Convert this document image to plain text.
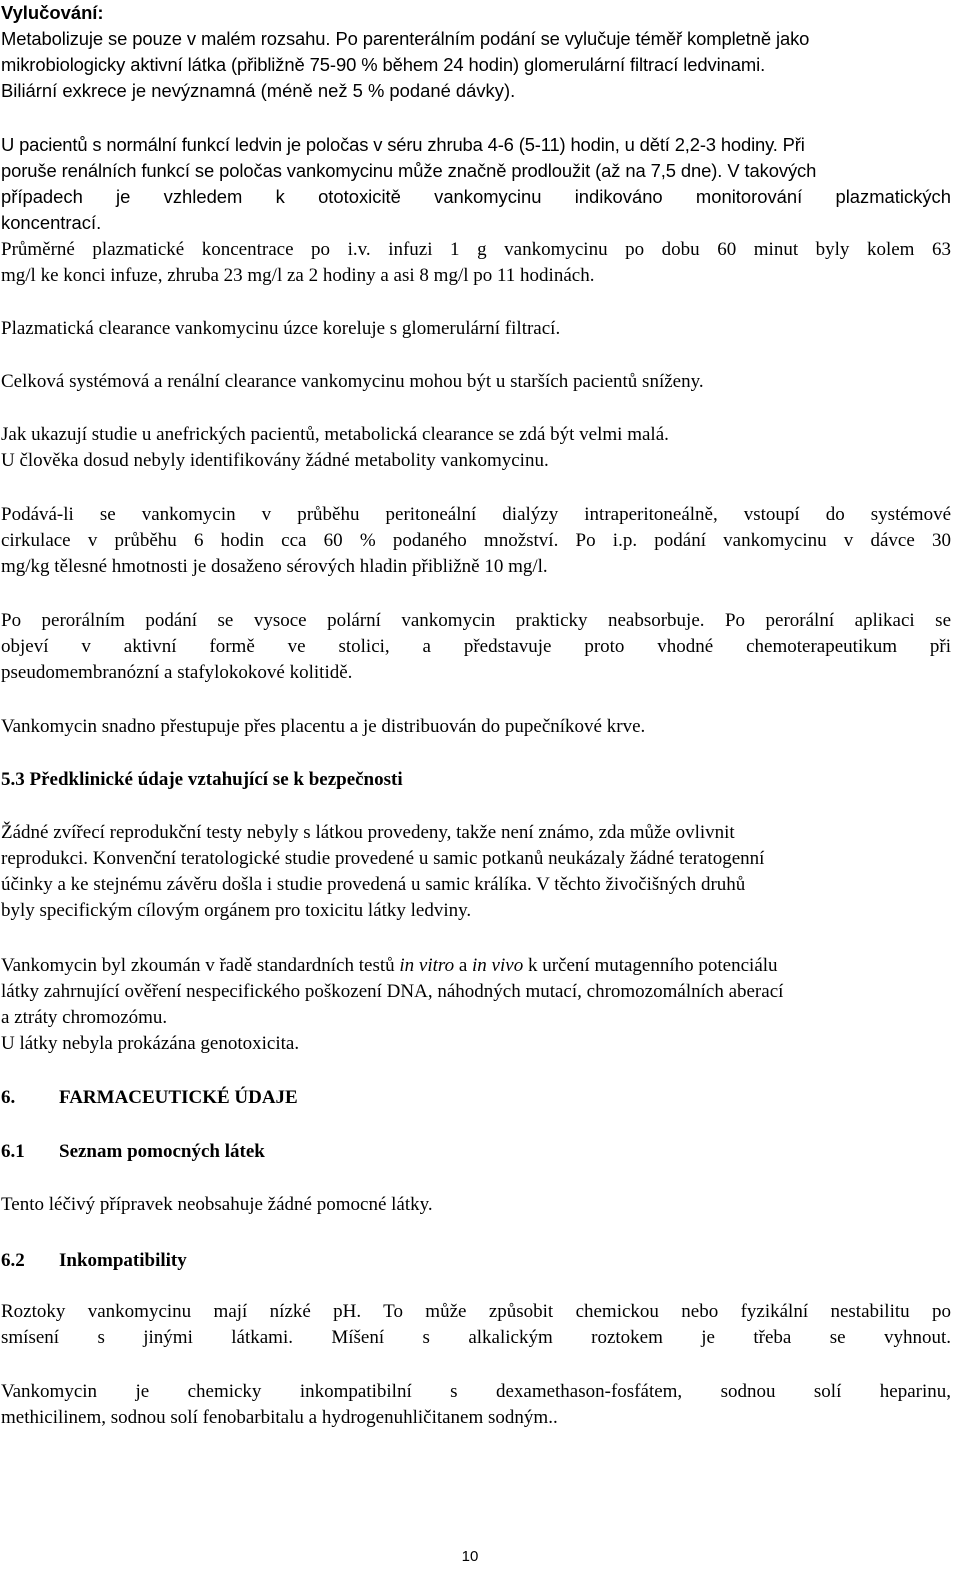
Vylučování:
Metabolizuje se pouze v malém rozsahu. Po parenterálním podání se vylučuje téměř kompletně jako
mikrobiologicky aktivní látka (přibližně 75-90 % během 24 hodin) glomerulární filtrací ledvinami.
Biliární exkrece je nevýznamná (méně než 5 % podané dávky).
U pacientů s normální funkcí ledvin je poločas v séru zhruba 4-6 (5-11) hodin, u dětí 2,2-3 hodiny. Při
poruše renálních funkcí se poločas vankomycinu může značně prodloužit (až na 7,5 dne). V takových
případech je vzhledem k ototoxicitě vankomycinu indikováno monitorování plazmatických
koncentrací.
Průměrné plazmatické koncentrace po i.v. infuzi 1 g vankomycinu po dobu 60 minut byly kolem 63
mg/l ke konci infuze, zhruba 23 mg/l za 2 hodiny a asi 8 mg/l po 11 hodinách.
Plazmatická clearance vankomycinu úzce koreluje s glomerulární filtrací.
Celková systémová a renální clearance vankomycinu mohou být u starších pacientů sníženy.
Jak ukazují studie u anefrických pacientů, metabolická clearance se zdá být velmi malá.
U člověka dosud nebyly identifikovány žádné metabolity vankomycinu.
Podává-li se vankomycin v průběhu peritoneální dialýzy intraperitoneálně, vstoupí do systémové
cirkulace v průběhu 6 hodin cca 60 % podaného množství. Po i.p. podání vankomycinu v dávce 30
mg/kg tělesné hmotnosti je dosaženo sérových hladin přibližně 10 mg/l.
Po perorálním podání se vysoce polární vankomycin prakticky neabsorbuje. Po perorální aplikaci se
objeví v aktivní formě ve stolici, a představuje proto vhodné chemoterapeutikum při
pseudomembranózní a stafylokokové kolitidě.
Vankomycin snadno přestupuje přes placentu a je distribuován do pupečníkové krve.
5.3 Předklinické údaje vztahující se k bezpečnosti
Žádné zvířecí reprodukční testy nebyly s látkou provedeny, takže není známo, zda může ovlivnit
reprodukci. Konvenční teratologické studie provedené u samic potkanů neukázaly žádné teratogenní
účinky a ke stejnému závěru došla i studie provedená u samic králíka. V těchto živočišných druhů
byly specifickým cílovým orgánem pro toxicitu látky ledviny.
Vankomycin byl zkoumán v řadě standardních testů in vitro a in vivo k určení mutagenního potenciálu
látky zahrnující ověření nespecifického poškození DNA, náhodných mutací, chromozomálních aberací
a ztráty chromozómu.
U látky nebyla prokázána genotoxicita.
6. FARMACEUTICKÉ ÚDAJE
6.1 Seznam pomocných látek
Tento léčivý přípravek neobsahuje žádné pomocné látky.
6.2 Inkompatibility
Roztoky vankomycinu mají nízké pH. To může způsobit chemickou nebo fyzikální nestabilitu po
smísení s jinými látkami. Míšení s alkalickým roztokem je třeba se vyhnout.
Vankomycin je chemicky inkompatibilní s dexamethason-fosfátem, sodnou solí heparinu,
methicilinem, sodnou solí fenobarbitalu a hydrogenuhličitanem sodným..
10
